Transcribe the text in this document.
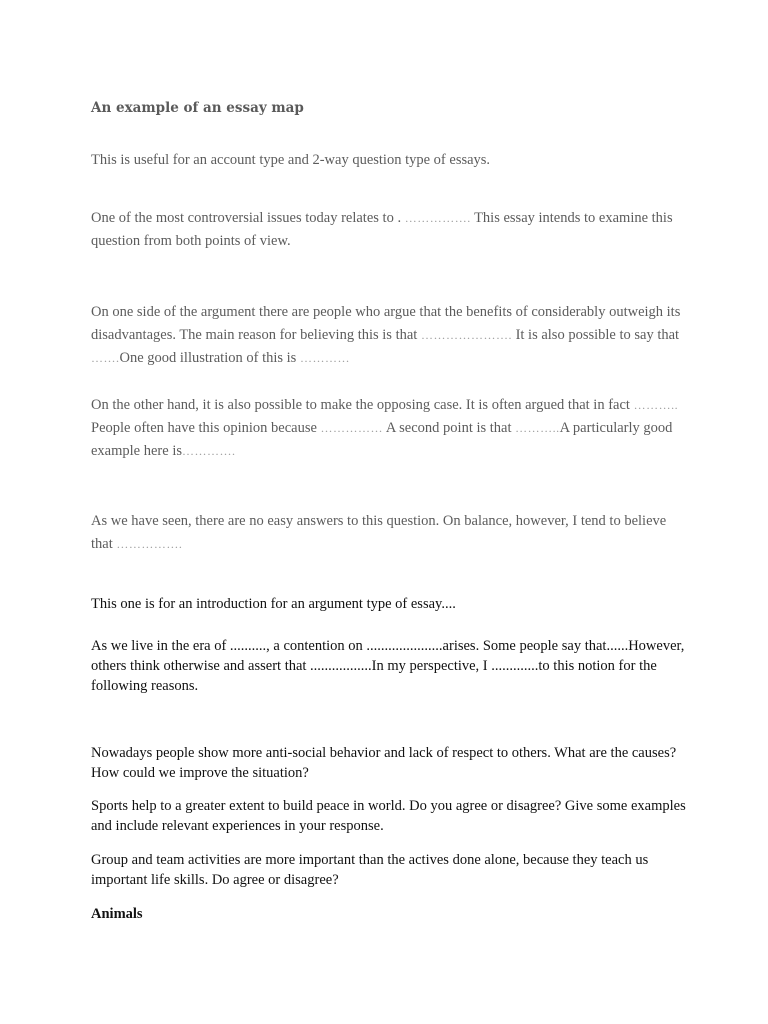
An example of an essay map

This is useful for an account type and 2-way question type of essays.

One of the most controversial issues today relates to . ……………. This essay intends to examine this question from both points of view.

On one side of the argument there are people who argue that the benefits of considerably outweigh its disadvantages. The main reason for believing this is that …………………. It is also possible to say that …….One good illustration of this is …………

On the other hand, it is also possible to make the opposing case. It is often argued that in fact ……….. People often have this opinion because …………… A second point is that ………..A particularly good example here is………….

As we have seen, there are no easy answers to this question. On balance, however, I tend to believe that …………….

This one is for an introduction for an argument type of essay....

As we live in the era of .........., a contention on .....................arises. Some people say that......However, others think otherwise and assert that .................In my perspective, I .............to this notion for the following reasons.

Nowadays people show more anti-social behavior and lack of respect to others. What are the causes? How could we improve the situation?

Sports help to a greater extent to build peace in world. Do you agree or disagree? Give some examples and include relevant experiences in your response.

Group and team activities are more important than the actives done alone, because they teach us important life skills. Do agree or disagree?

Animals
